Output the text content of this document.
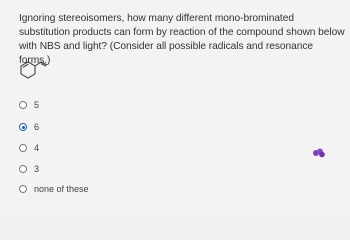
Ignoring stereoisomers, how many different mono-brominated substitution products can form by reaction of the compound shown below with NBS and light? (Consider all possible radicals and resonance forms.)
5
6
4
3
none of these
